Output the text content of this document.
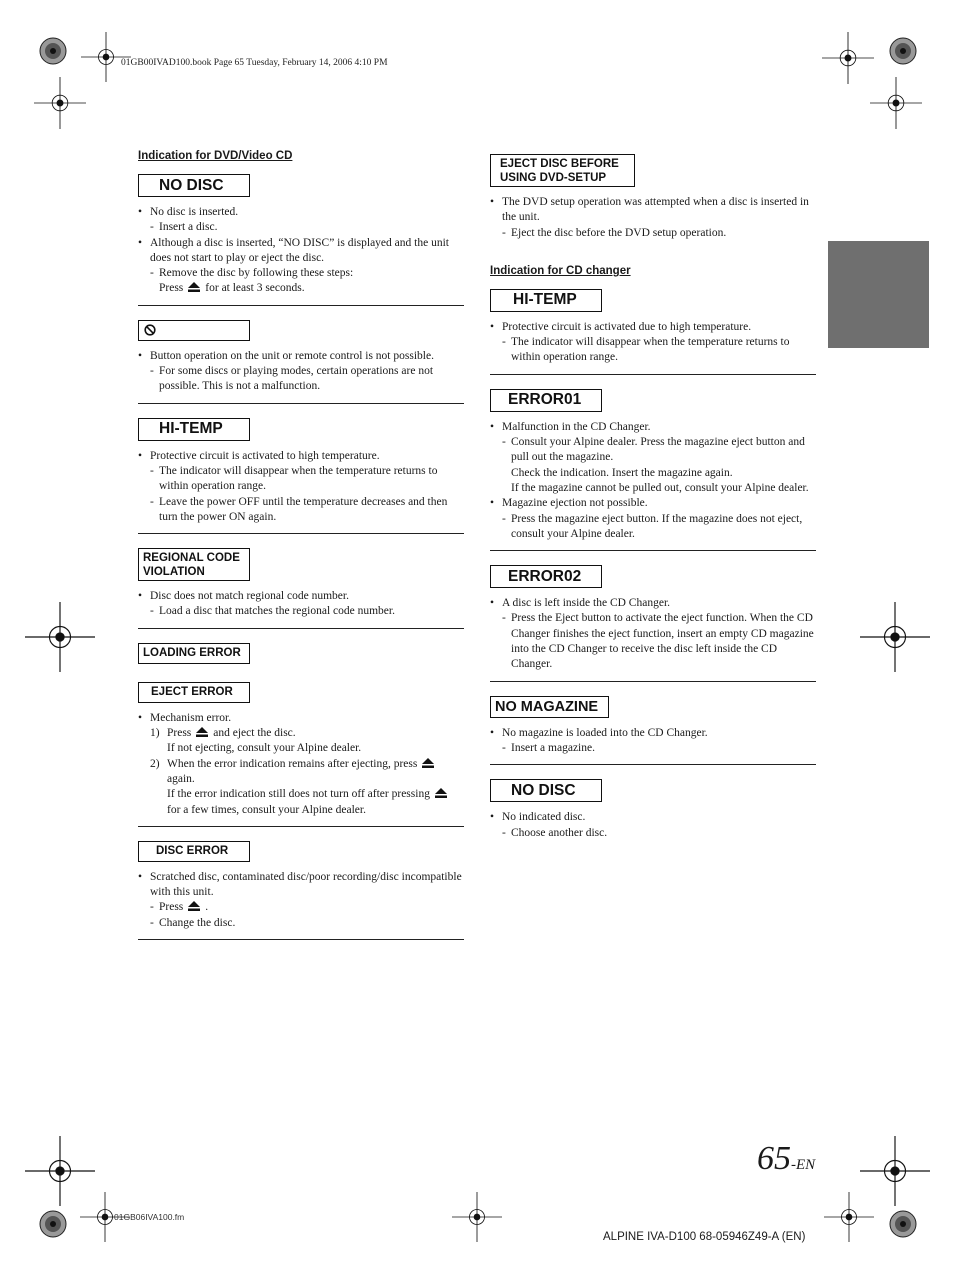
01GB00IVAD100.book Page 65 Tuesday, February 14, 2006 4:10 PM
Indication for DVD/Video CD
NO DISC
• No disc is inserted.
- Insert a disc.
• Although a disc is inserted, “NO DISC” is displayed and the unit does not start to play or eject the disc.
- Remove the disc by following these steps:
Press for at least 3 seconds.
• Button operation on the unit or remote control is not possible.
- For some discs or playing modes, certain operations are not possible. This is not a malfunction.
HI-TEMP
• Protective circuit is activated to high temperature.
- The indicator will disappear when the temperature returns to within operation range.
- Leave the power OFF until the temperature decreases and then turn the power ON again.
REGIONAL CODE
VIOLATION
• Disc does not match regional code number.
- Load a disc that matches the regional code number.
LOADING ERROR
EJECT ERROR
• Mechanism error.
1) Press and eject the disc.
If not ejecting, consult your Alpine dealer.
2) When the error indication remains after ejecting, press
again.
If the error indication still does not turn off after pressing
for a few times, consult your Alpine dealer.
DISC ERROR
• Scratched disc, contaminated disc/poor recording/disc incompatible with this unit.
- Press .
- Change the disc.
EJECT DISC BEFORE
USING DVD-SETUP
• The DVD setup operation was attempted when a disc is inserted in the unit.
- Eject the disc before the DVD setup operation.
Indication for CD changer
HI-TEMP
• Protective circuit is activated due to high temperature.
- The indicator will disappear when the temperature returns to within operation range.
ERROR01
• Malfunction in the CD Changer.
- Consult your Alpine dealer. Press the magazine eject button and pull out the magazine.
Check the indication. Insert the magazine again.
If the magazine cannot be pulled out, consult your Alpine dealer.
• Magazine ejection not possible.
- Press the magazine eject button. If the magazine does not eject, consult your Alpine dealer.
ERROR02
• A disc is left inside the CD Changer.
- Press the Eject button to activate the eject function. When the CD Changer finishes the eject function, insert an empty CD magazine into the CD Changer to receive the disc left inside the CD Changer.
NO MAGAZINE
• No magazine is loaded into the CD Changer.
- Insert a magazine.
NO DISC
• No indicated disc.
- Choose another disc.
65-EN
ALPINE IVA-D100 68-05946Z49-A (EN)
01GB06IVA100.fm
